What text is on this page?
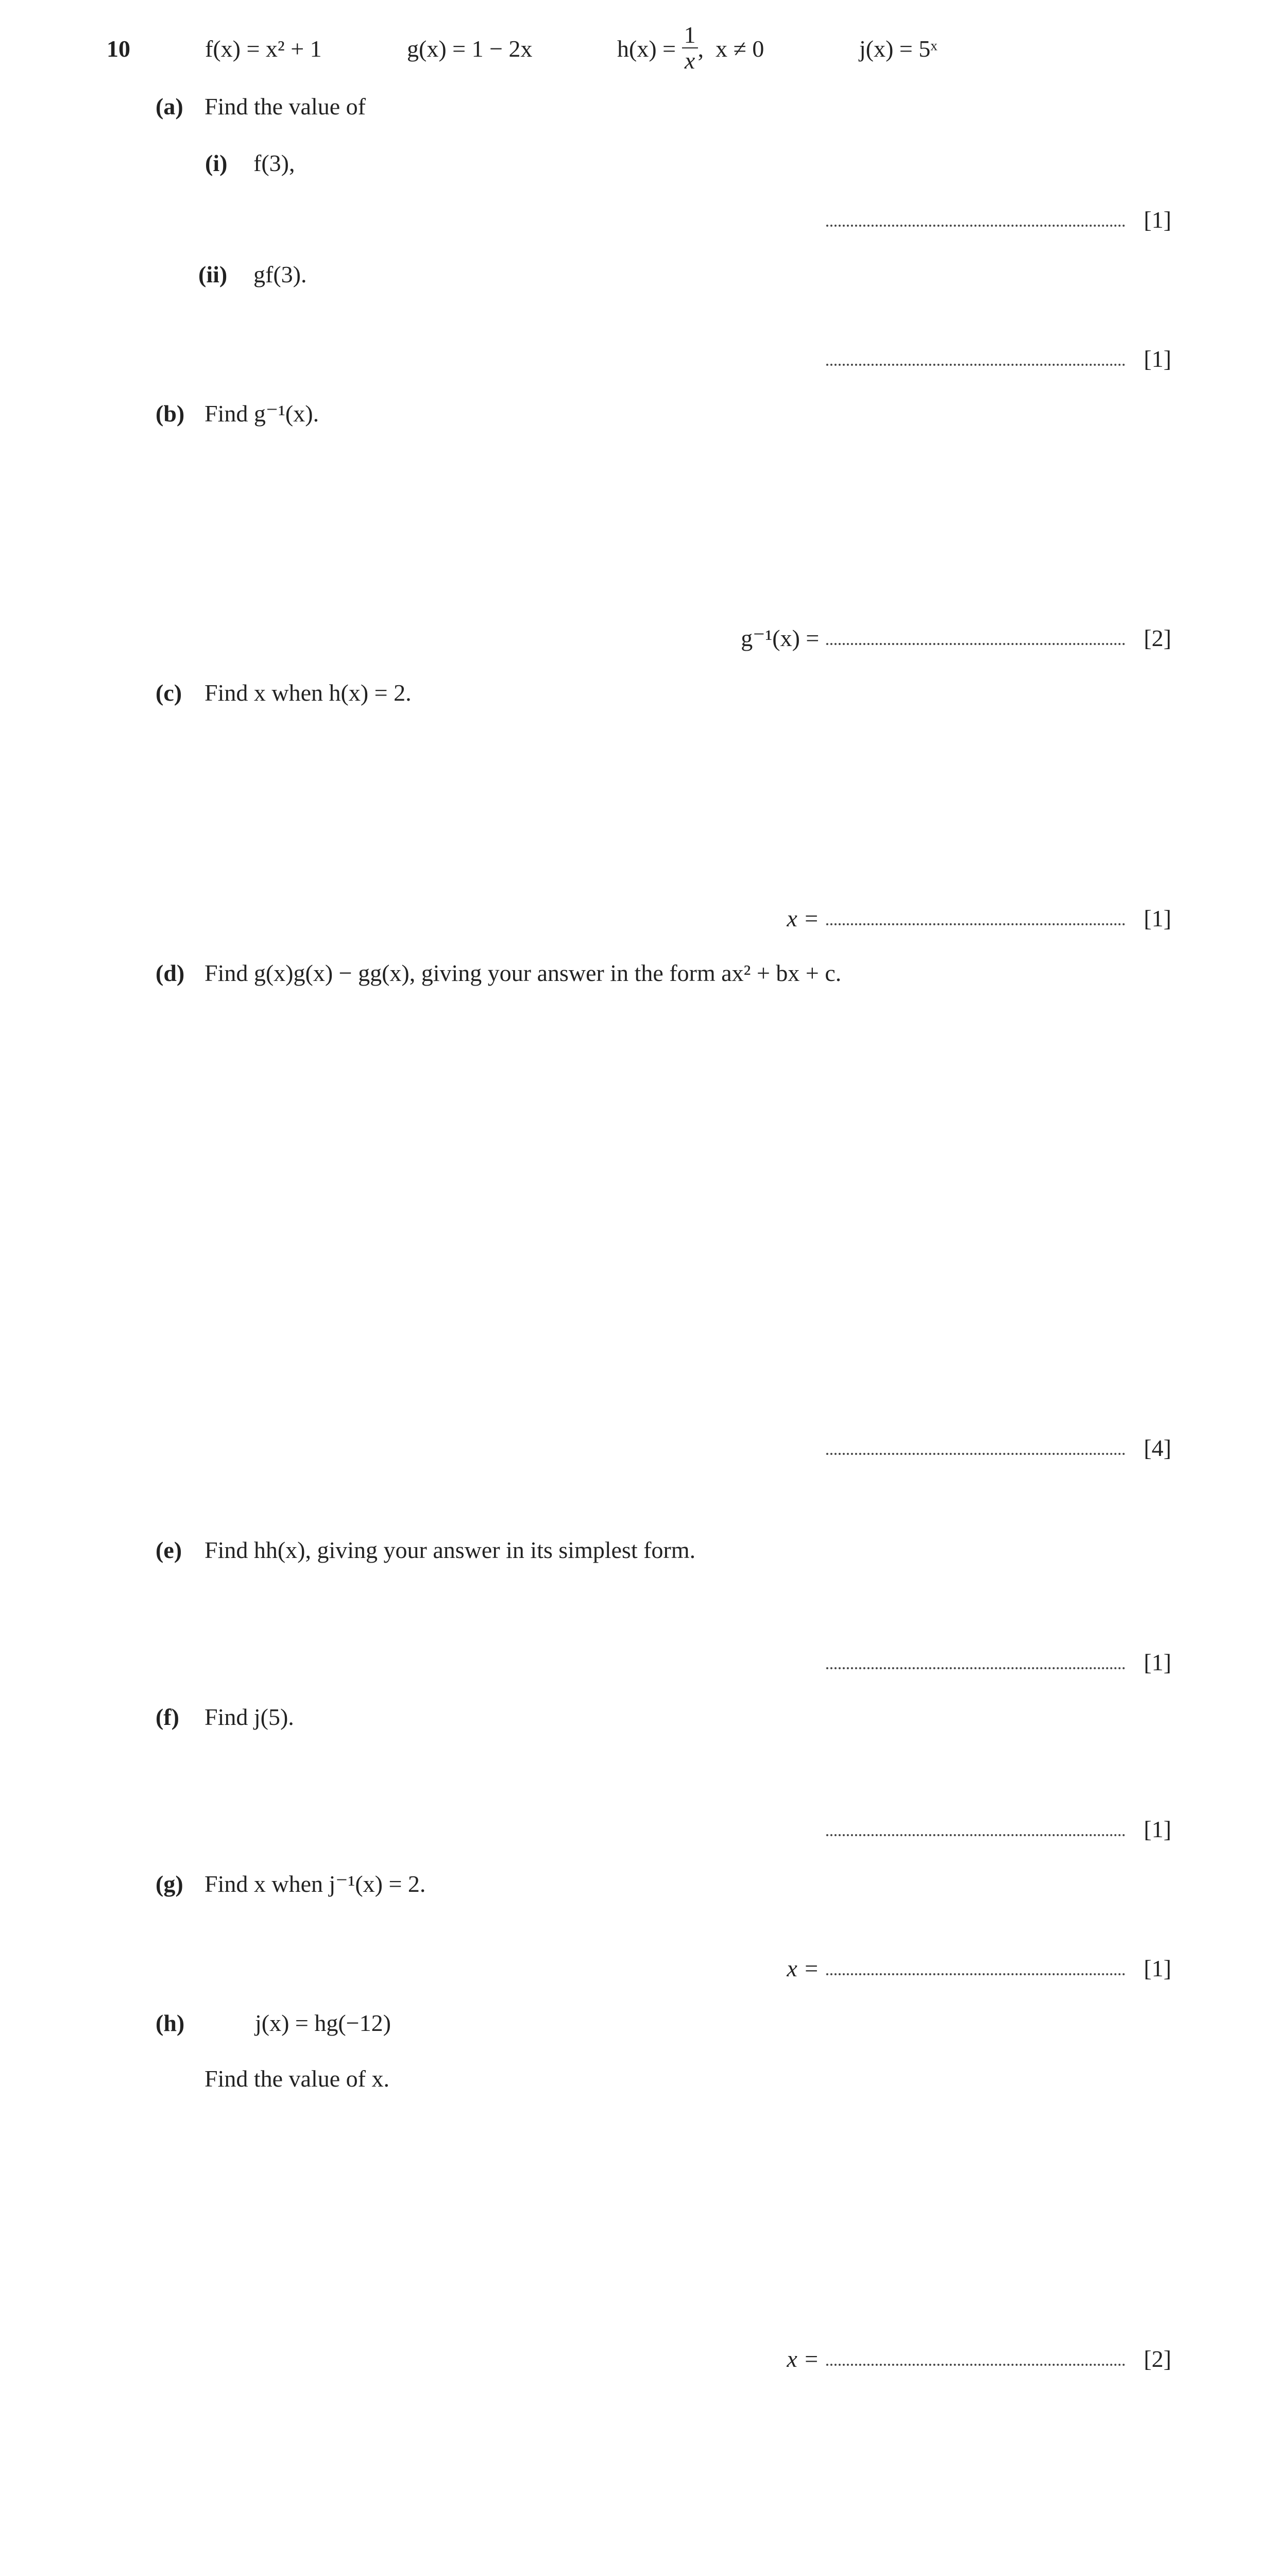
10	f(x) = x² + 1	g(x) = 1 − 2x	$h(x) = \frac{1}{x}$ ,  x ≠ 0	j(x) = 5ˣ
(a) Find the value of
(i) f(3),
[1]
(ii) gf(3).
[1]
(b) Find g⁻¹(x).
g⁻¹(x) =	[2]
(c) Find x when h(x) = 2.
x =	[1]
(d) Find g(x)g(x) − gg(x), giving your answer in the form ax² + bx + c.
[4]
(e) Find hh(x), giving your answer in its simplest form.
[1]
(f) Find j(5).
[1]
(g) Find x when j⁻¹(x) = 2.
x =	[1]
(h)	j(x) = hg(−12)
Find the value of x.
x =	[2]
